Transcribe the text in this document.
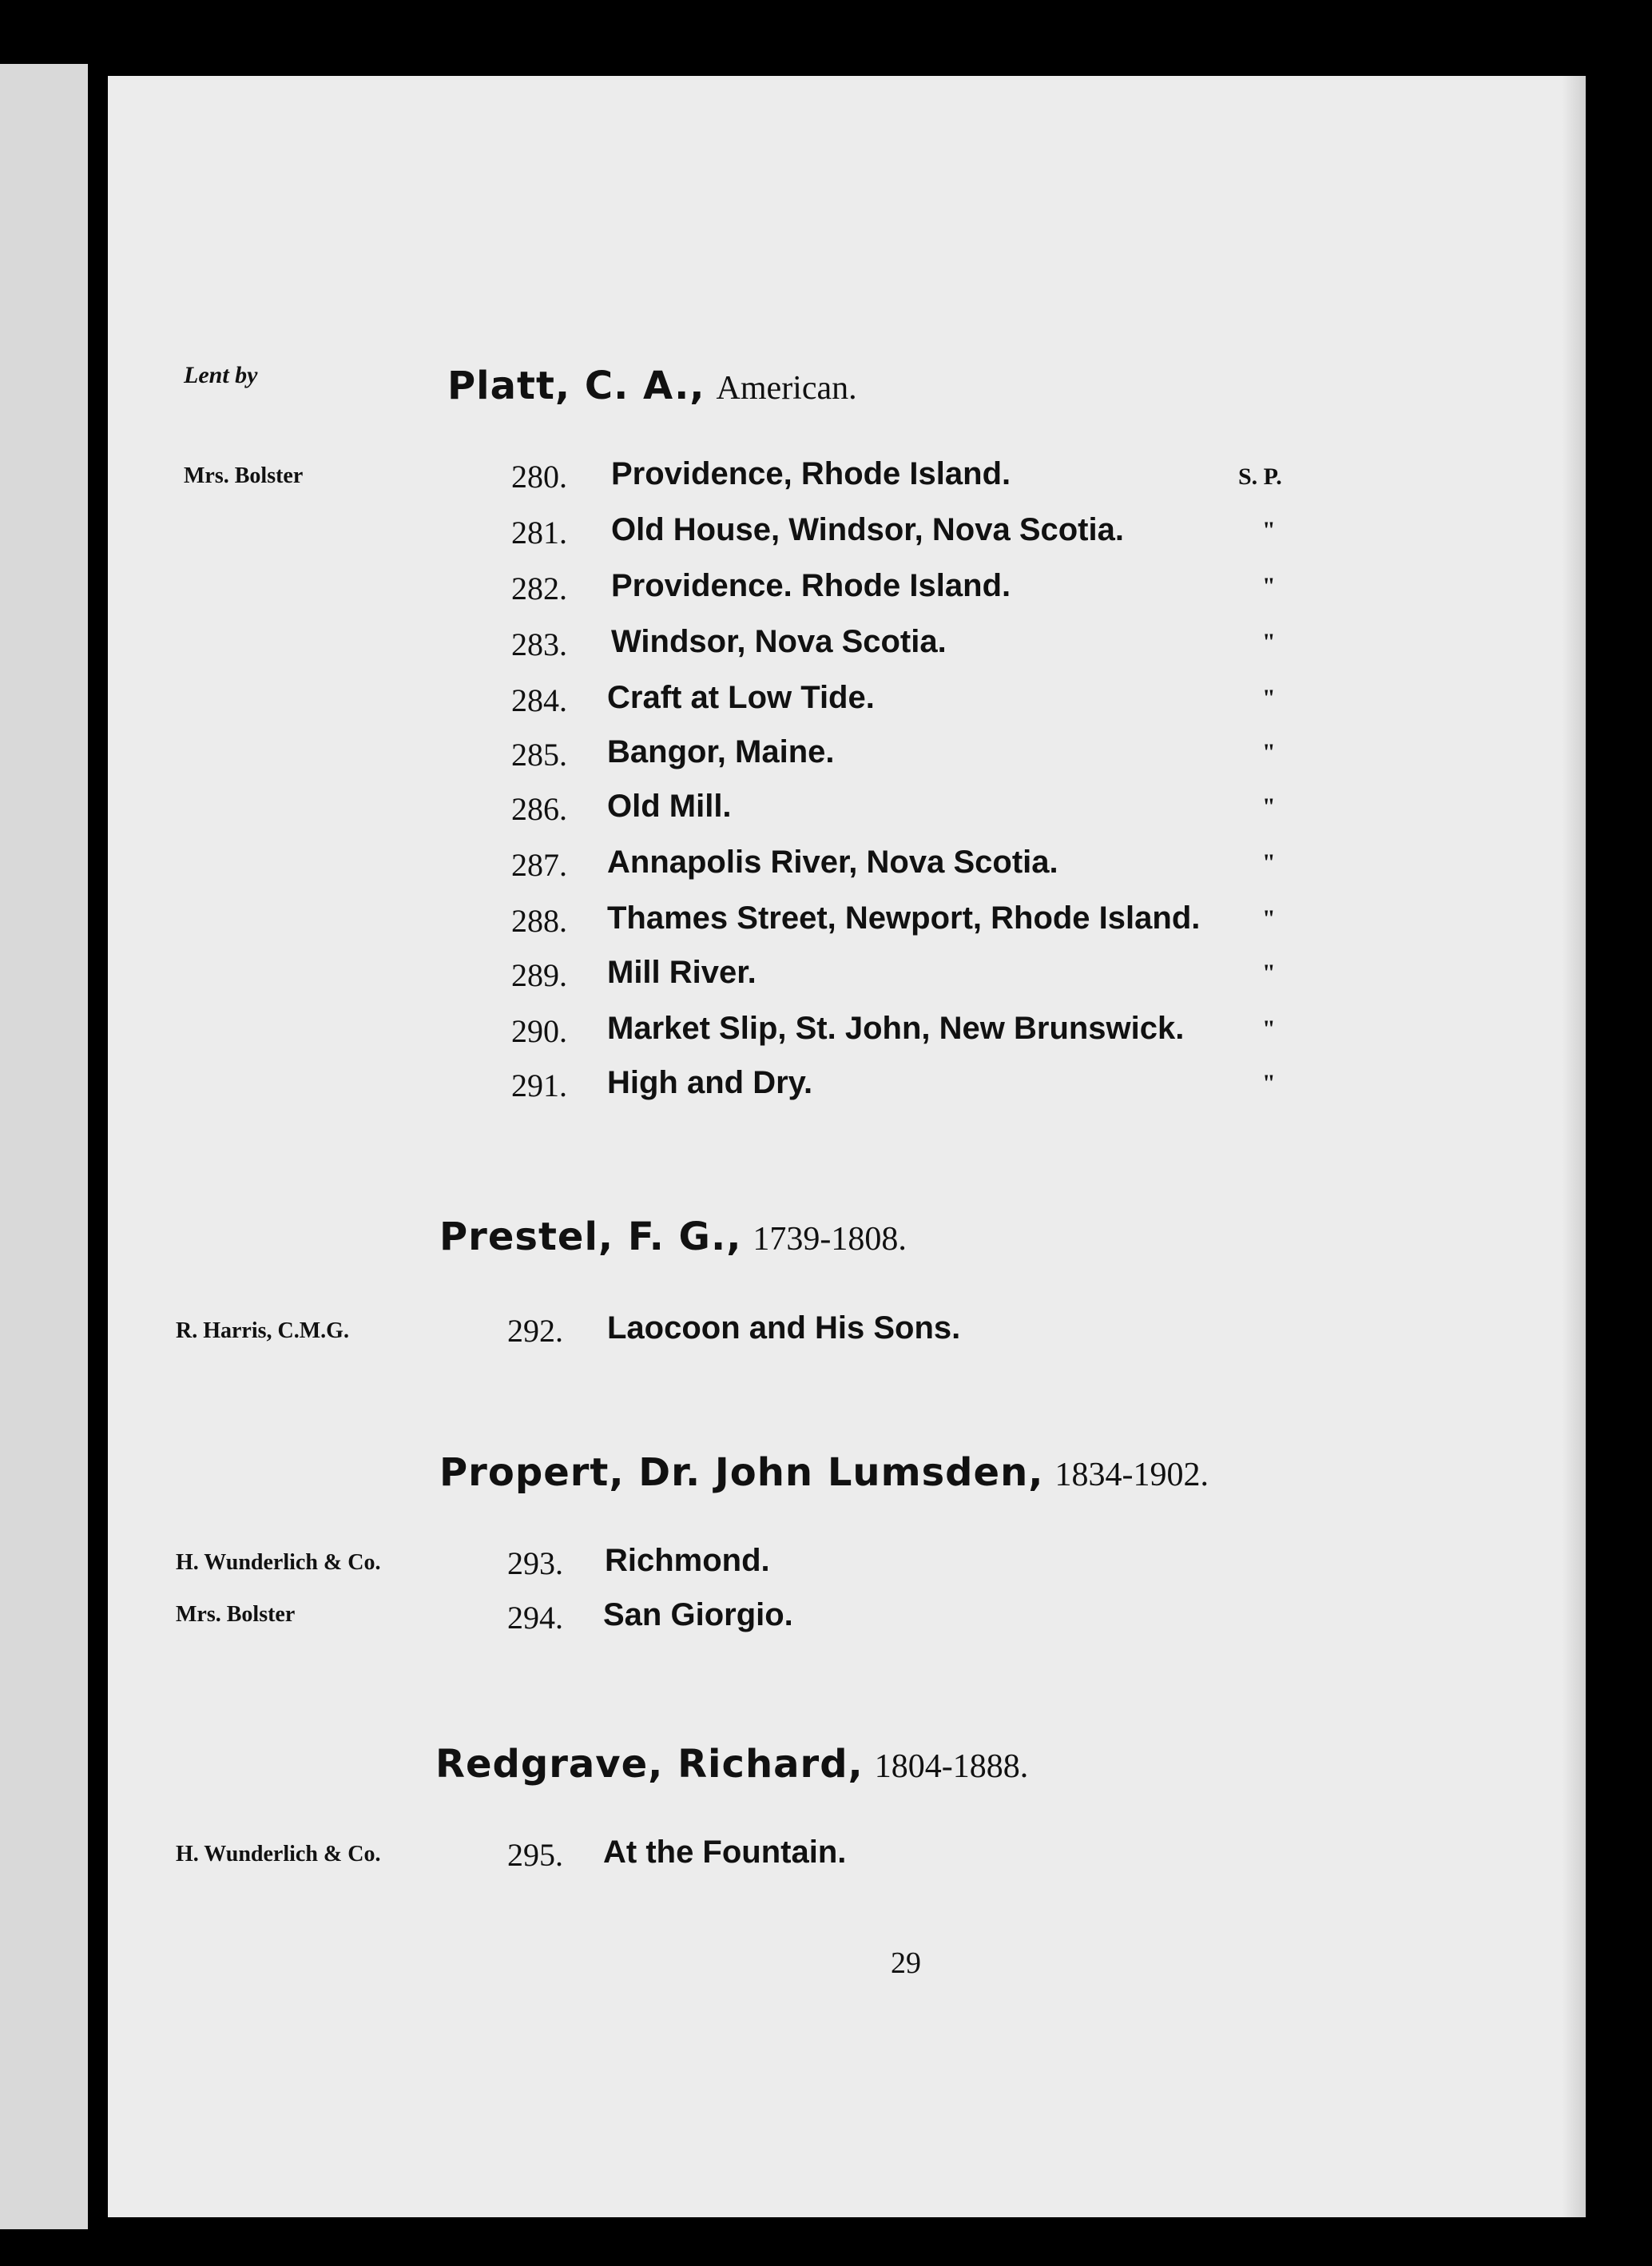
Lent by	Platt, C. A., American.
Prestel, F. G., 1739-1808.
Propert, Dr. John Lumsden, 1834-1902.
Redgrave, Richard, 1804-1888.
Mrs. Bolster	280. Providence, Rhode Island.	S. P.
281. Old House, Windsor, Nova Scotia.	"
282. Providence. Rhode Island.	"
283. Windsor, Nova Scotia.	"
284. Craft at Low Tide.	"
285. Bangor, Maine.	"
286. Old Mill.	"
287. Annapolis River, Nova Scotia.	"
288. Thames Street, Newport, Rhode Island.	"
289. Mill River.	"
290. Market Slip, St. John, New Brunswick.	"
291. High and Dry.	"
R. Harris, C.M.G.	292. Laocoon and His Sons.
H. Wunderlich & Co.	293. Richmond.
Mrs. Bolster	294. San Giorgio.
H. Wunderlich & Co.	295. At the Fountain.
29
